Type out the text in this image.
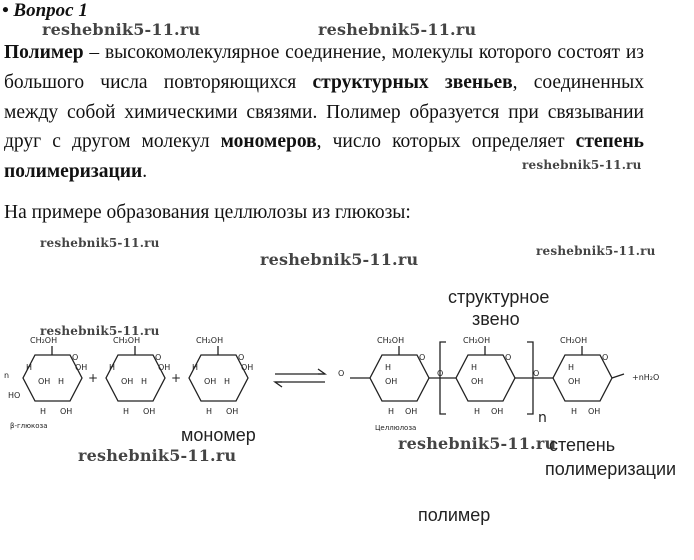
• Вопрос 1
reshebnik5-11.ru	reshebnik5-11.ru
Полимер – высокомолекулярное соединение, молекулы которого состоят из большого числа повторяющихся структурных звеньев, соединенных между собой химическими связями. Полимер образуется при связывании друг с другом молекул мономеров, число которых определяет степень полимеризации.	reshebnik5-11.ru
На примере образования целлюлозы из глюкозы:
reshebnik5-11.ru
reshebnik5-11.ru
reshebnik5-11.ru
reshebnik5-11.ru
структурное
звено
CH₂OH	CH₂OH	CH₂OH	CH₂OH	CH₂OH	CH₂OH
O	O	O	O	O	O
H	OH	H	OH	H	OH
OH H	OH H	OH H
HO
H OH	H OH	H OH
n	+	+
H
OH
H OH
H
OH
H OH
H
OH
H OH
O	O	O	+nH₂O
n
β-глюкоза	Целлюлоза
мономер
reshebnik5-11.ru
reshebnik5-11.ru
степень
полимеризации
полимер
